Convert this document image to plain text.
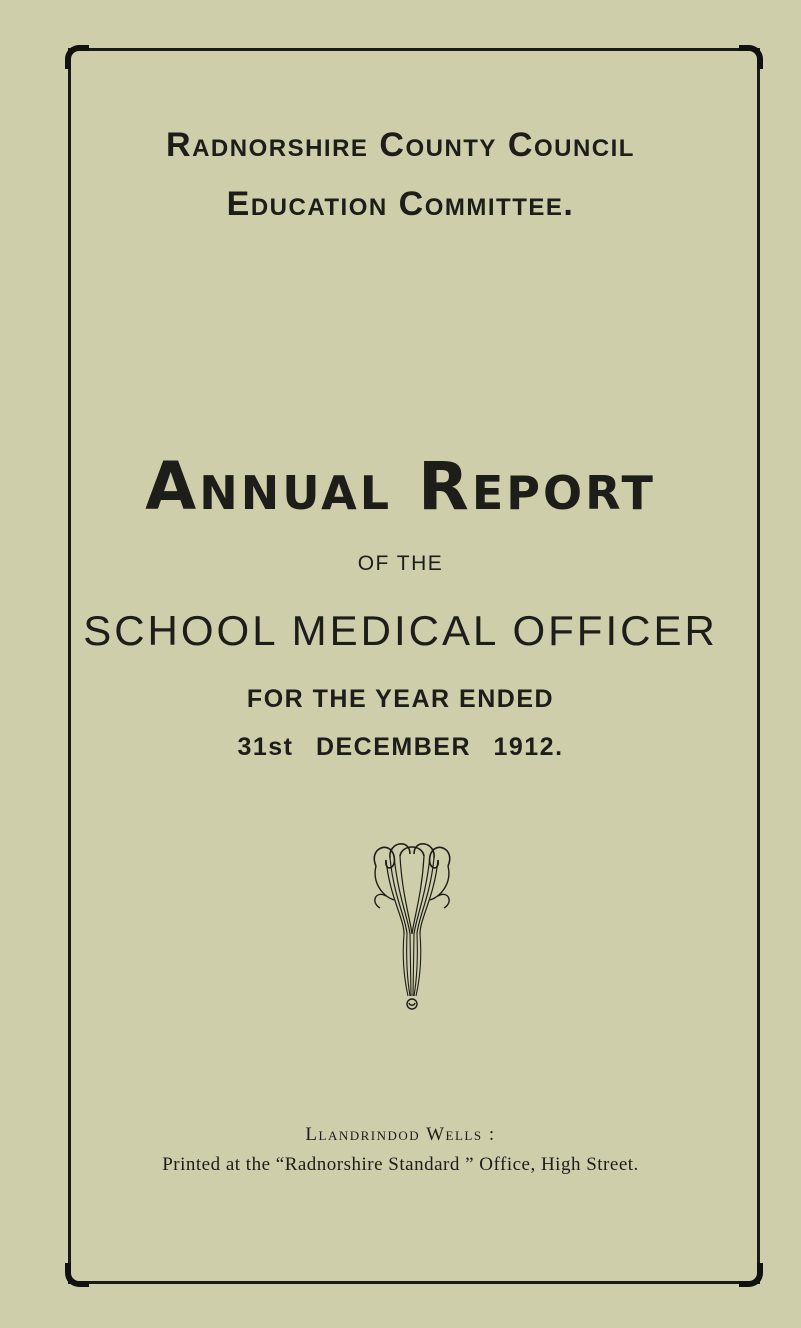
Radnorshire County Council
Education Committee.
Annual Report
OF THE
SCHOOL MEDICAL OFFICER
FOR THE YEAR ENDED
31st DECEMBER 1912.
Llandrindod Wells :
Printed at the “Radnorshire Standard ” Office, High Street.
